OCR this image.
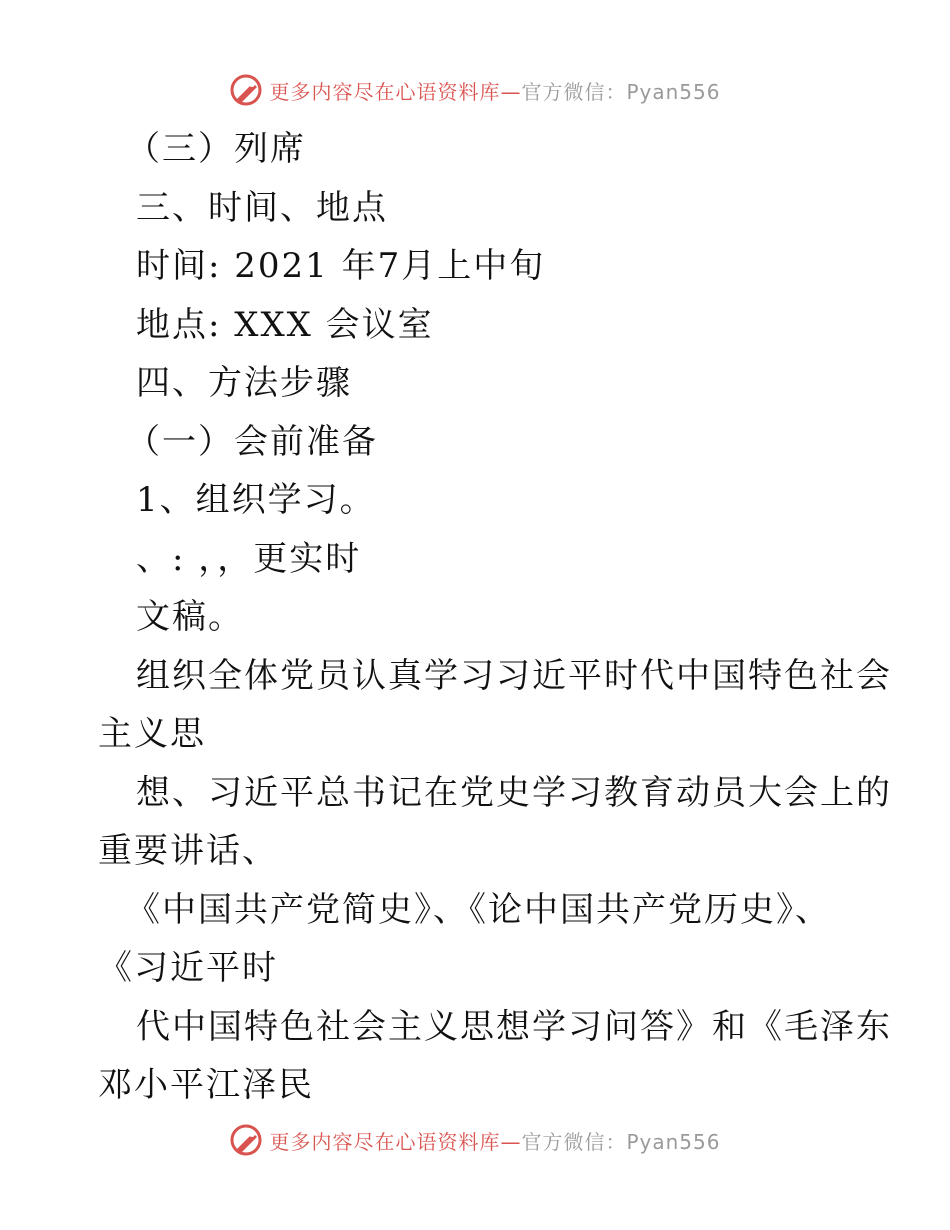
更多内容尽在心语资料库—官方微信：Pyan556
（三）列席
三、时间、地点
时间: 2021 年7月上中旬
地点: XXX 会议室
四、方法步骤
（一）会前准备
1、组织学习。
、: ，，更实时
文稿。
组织全体党员认真学习习近平时代中国特色社会
主义思
想、习近平总书记在党史学习教育动员大会上的
重要讲话、
《中国共产党简史》、《论中国共产党历史》、
《习近平时
代中国特色社会主义思想学习问答》和《毛泽东
邓小平江泽民
更多内容尽在心语资料库—官方微信：Pyan556
